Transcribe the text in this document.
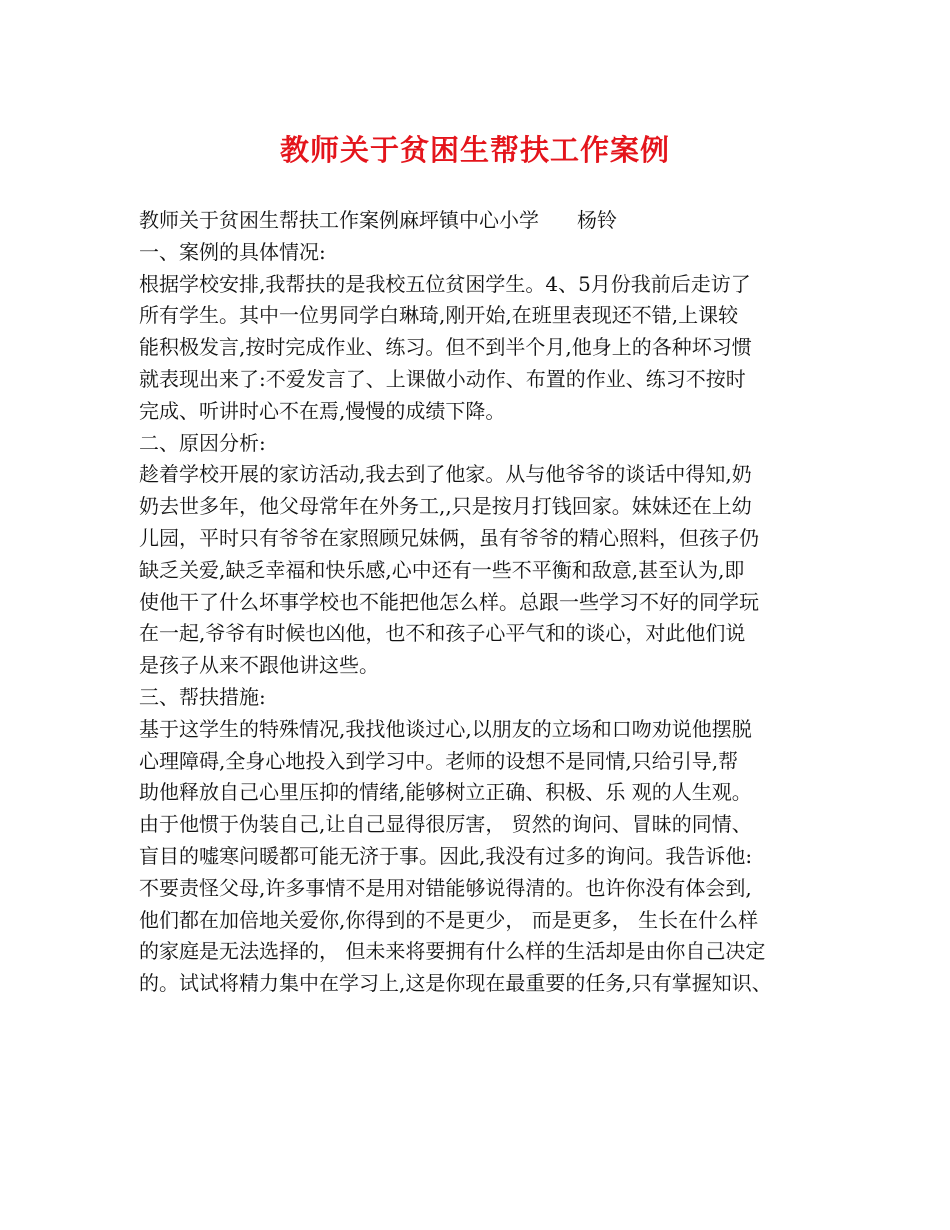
教师关于贫困生帮扶工作案例
教师关于贫困生帮扶工作案例麻坪镇中心小学 杨铃
一、案例的具体情况:
根据学校安排,我帮扶的是我校五位贫困学生。4、5月份我前后走访了
所有学生。其中一位男同学白琳琦,刚开始,在班里表现还不错,上课较
能积极发言,按时完成作业、练习。但不到半个月,他身上的各种坏习惯
就表现出来了:不爱发言了、上课做小动作、布置的作业、练习不按时
完成、听讲时心不在焉,慢慢的成绩下降。
二、原因分析:
趁着学校开展的家访活动,我去到了他家。从与他爷爷的谈话中得知,奶
奶去世多年，他父母常年在外务工,,只是按月打钱回家。妹妹还在上幼
儿园，平时只有爷爷在家照顾兄妹俩，虽有爷爷的精心照料，但孩子仍
缺乏关爱,缺乏幸福和快乐感,心中还有一些不平衡和敌意,甚至认为,即
使他干了什么坏事学校也不能把他怎么样。总跟一些学习不好的同学玩
在一起,爷爷有时候也凶他，也不和孩子心平气和的谈心，对此他们说
是孩子从来不跟他讲这些。
三、帮扶措施:
基于这学生的特殊情况,我找他谈过心,以朋友的立场和口吻劝说他摆脱
心理障碍,全身心地投入到学习中。老师的设想不是同情,只给引导,帮
助他释放自己心里压抑的情绪,能够树立正确、积极、乐 观的人生观。
由于他惯于伪装自己,让自己显得很厉害， 贸然的询问、冒昧的同情、
盲目的嘘寒问暖都可能无济于事。因此,我没有过多的询问。我告诉他:
不要责怪父母,许多事情不是用对错能够说得清的。也许你没有体会到,
他们都在加倍地关爱你,你得到的不是更少， 而是更多， 生长在什么样
的家庭是无法选择的， 但未来将要拥有什么样的生活却是由你自己决定
的。试试将精力集中在学习上,这是你现在最重要的任务,只有掌握知识、
